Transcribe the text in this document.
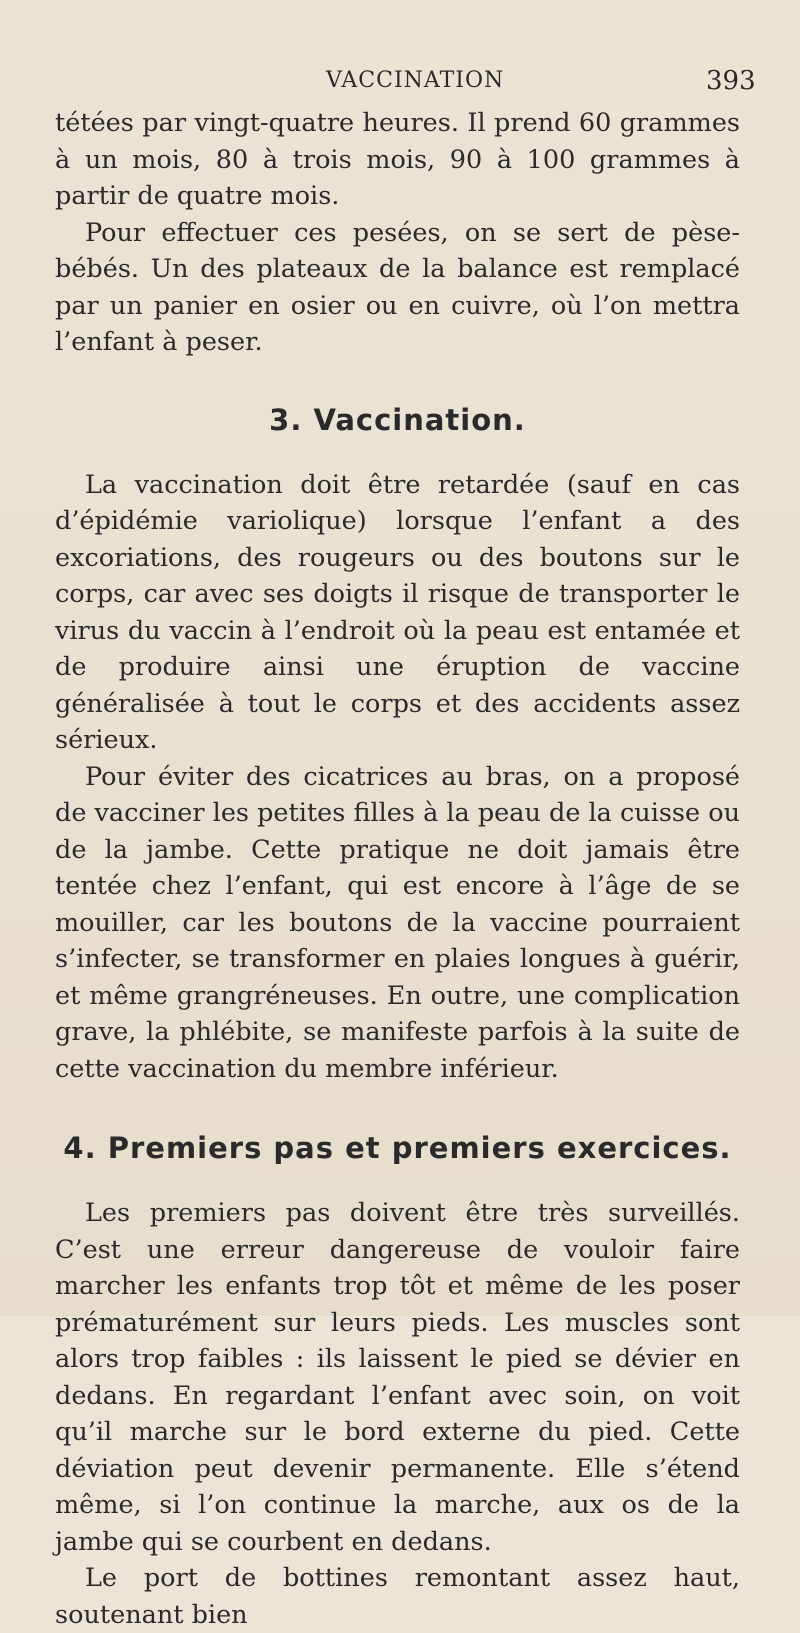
VACCINATION	393

tétées par vingt-quatre heures. Il prend 60 grammes à un mois, 80 à trois mois, 90 à 100 grammes à partir de quatre mois.

Pour effectuer ces pesées, on se sert de pèse-bébés. Un des plateaux de la balance est remplacé par un panier en osier ou en cuivre, où l’on mettra l’enfant à peser.

3. Vaccination.

La vaccination doit être retardée (sauf en cas d’épidémie variolique) lorsque l’enfant a des excoriations, des rougeurs ou des boutons sur le corps, car avec ses doigts il risque de transporter le virus du vaccin à l’endroit où la peau est entamée et de produire ainsi une éruption de vaccine généralisée à tout le corps et des accidents assez sérieux.

Pour éviter des cicatrices au bras, on a proposé de vacciner les petites filles à la peau de la cuisse ou de la jambe. Cette pratique ne doit jamais être tentée chez l’enfant, qui est encore à l’âge de se mouiller, car les boutons de la vaccine pourraient s’infecter, se transformer en plaies longues à guérir, et même grangréneuses. En outre, une complication grave, la phlébite, se manifeste parfois à la suite de cette vaccination du membre inférieur.

4. Premiers pas et premiers exercices.

Les premiers pas doivent être très surveillés. C’est une erreur dangereuse de vouloir faire marcher les enfants trop tôt et même de les poser prématurément sur leurs pieds. Les muscles sont alors trop faibles : ils laissent le pied se dévier en dedans. En regardant l’enfant avec soin, on voit qu’il marche sur le bord externe du pied. Cette déviation peut devenir permanente. Elle s’étend même, si l’on continue la marche, aux os de la jambe qui se courbent en dedans.

Le port de bottines remontant assez haut, soutenant bien
